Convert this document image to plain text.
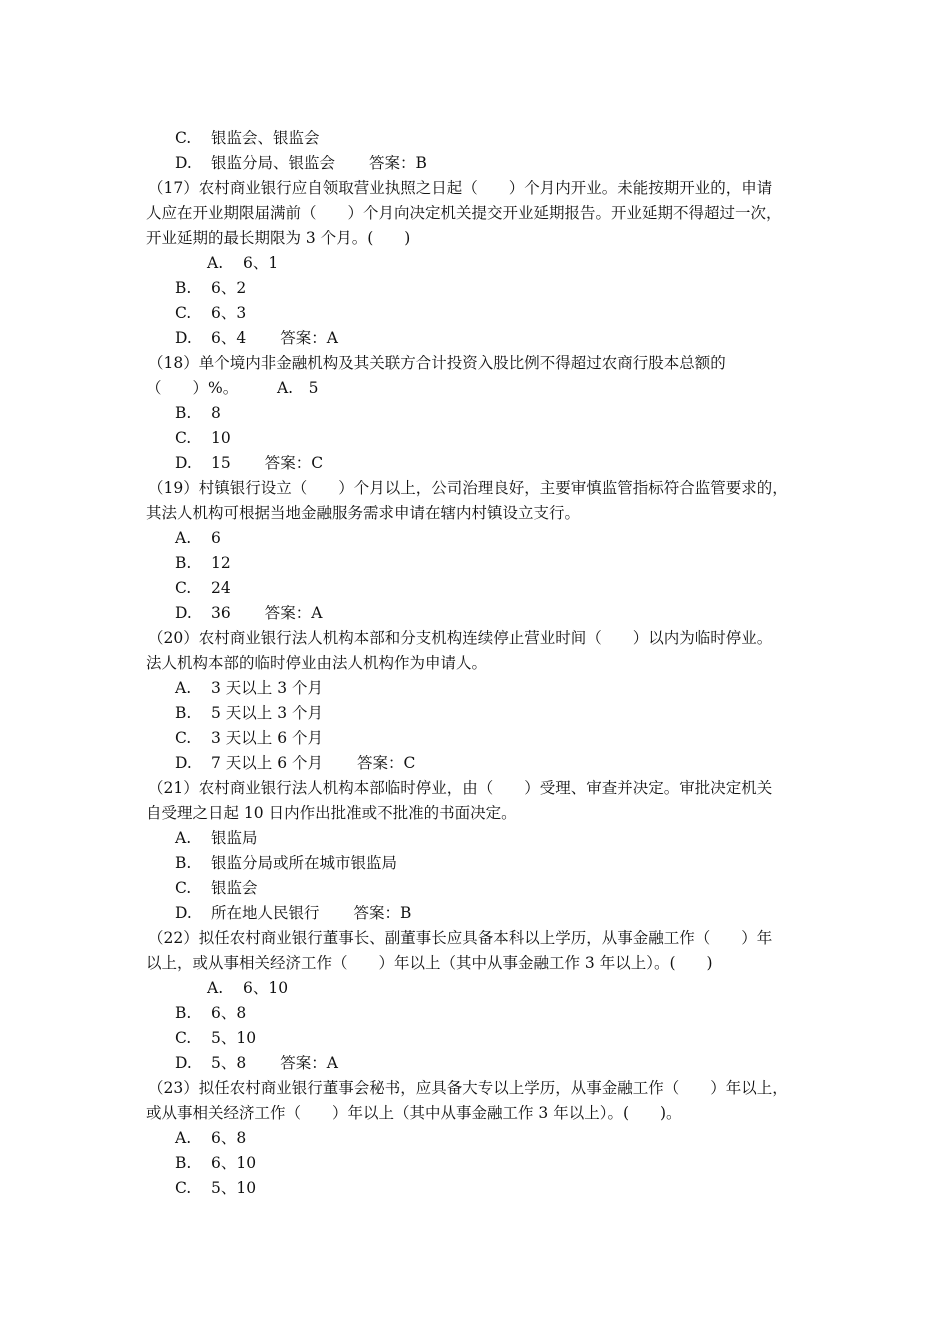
C. 银监会、银监会
D. 银监分局、银监会 答案：B
（17）农村商业银行应自领取营业执照之日起（　　）个月内开业。未能按期开业的，申请
人应在开业期限届满前（　　）个月向决定机关提交开业延期报告。开业延期不得超过一次，
开业延期的最长期限为 3 个月。(　　)
A. 6、1
B. 6、2
C. 6、3
D. 6、4 答案：A
（18）单个境内非金融机构及其关联方合计投资入股比例不得超过农商行股本总额的
（　　）%。　　　A.　5
B. 8
C. 10
D. 15 答案：C
（19）村镇银行设立（　　）个月以上，公司治理良好，主要审慎监管指标符合监管要求的，
其法人机构可根据当地金融服务需求申请在辖内村镇设立支行。
A. 6
B. 12
C. 24
D. 36 答案：A
（20）农村商业银行法人机构本部和分支机构连续停止营业时间（　　）以内为临时停业。
法人机构本部的临时停业由法人机构作为申请人。
A. 3 天以上 3 个月
B. 5 天以上 3 个月
C. 3 天以上 6 个月
D. 7 天以上 6 个月 答案：C
（21）农村商业银行法人机构本部临时停业，由（　　）受理、审查并决定。审批决定机关
自受理之日起 10 日内作出批准或不批准的书面决定。
A. 银监局
B. 银监分局或所在城市银监局
C. 银监会
D. 所在地人民银行 答案：B
（22）拟任农村商业银行董事长、副董事长应具备本科以上学历，从事金融工作（　　）年
以上，或从事相关经济工作（　　）年以上（其中从事金融工作 3 年以上）。(　　)
A. 6、10
B. 6、8
C. 5、10
D. 5、8 答案：A
（23）拟任农村商业银行董事会秘书，应具备大专以上学历，从事金融工作（　　）年以上，
或从事相关经济工作（　　）年以上（其中从事金融工作 3 年以上）。(　　)。
A. 6、8
B. 6、10
C. 5、10
